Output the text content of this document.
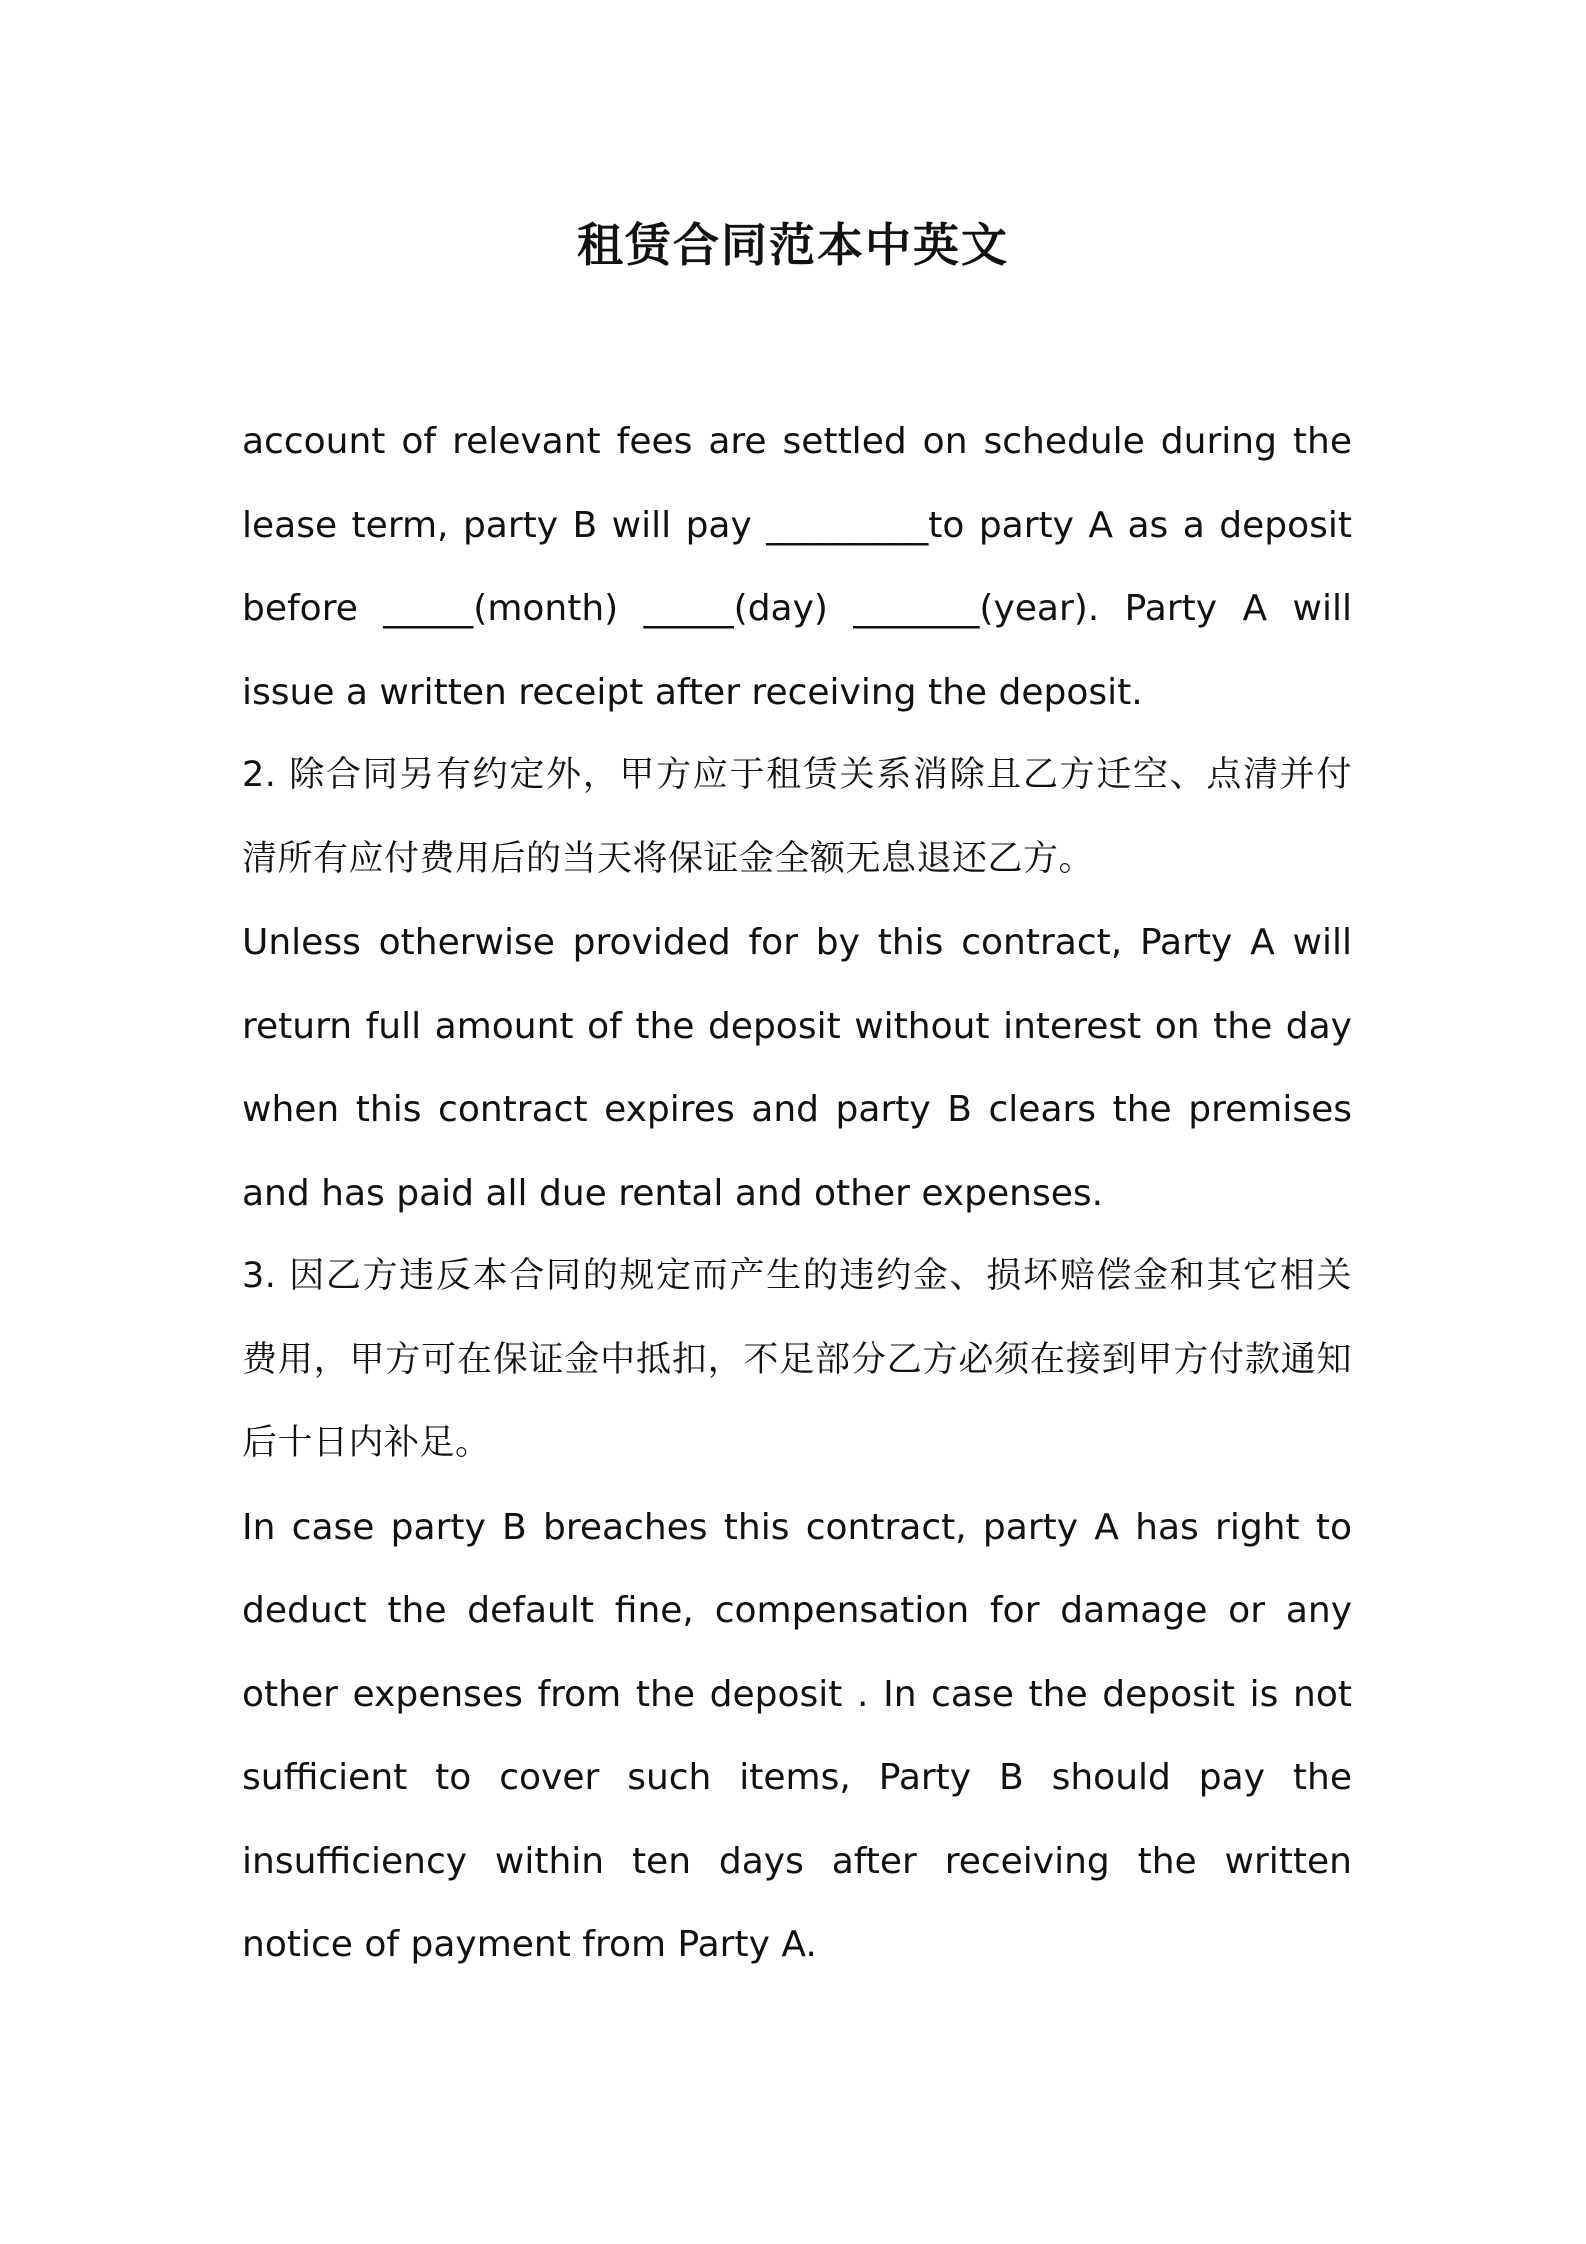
租赁合同范本中英文

account of relevant fees are settled on schedule during the lease term, party B will pay _________to party A as a deposit before _____(month) _____(day) _______(year). Party A will issue a written receipt after receiving the deposit.

2. 除合同另有约定外，甲方应于租赁关系消除且乙方迁空、点清并付清所有应付费用后的当天将保证金全额无息退还乙方。

Unless otherwise provided for by this contract, Party A will return full amount of the deposit without interest on the day when this contract expires and party B clears the premises and has paid all due rental and other expenses.

3. 因乙方违反本合同的规定而产生的违约金、损坏赔偿金和其它相关费用，甲方可在保证金中抵扣，不足部分乙方必须在接到甲方付款通知后十日内补足。

In case party B breaches this contract, party A has right to deduct the default fine, compensation for damage or any other expenses from the deposit . In case the deposit is not sufficient to cover such items, Party B should pay the insufficiency within ten days after receiving the written notice of payment from Party A.
